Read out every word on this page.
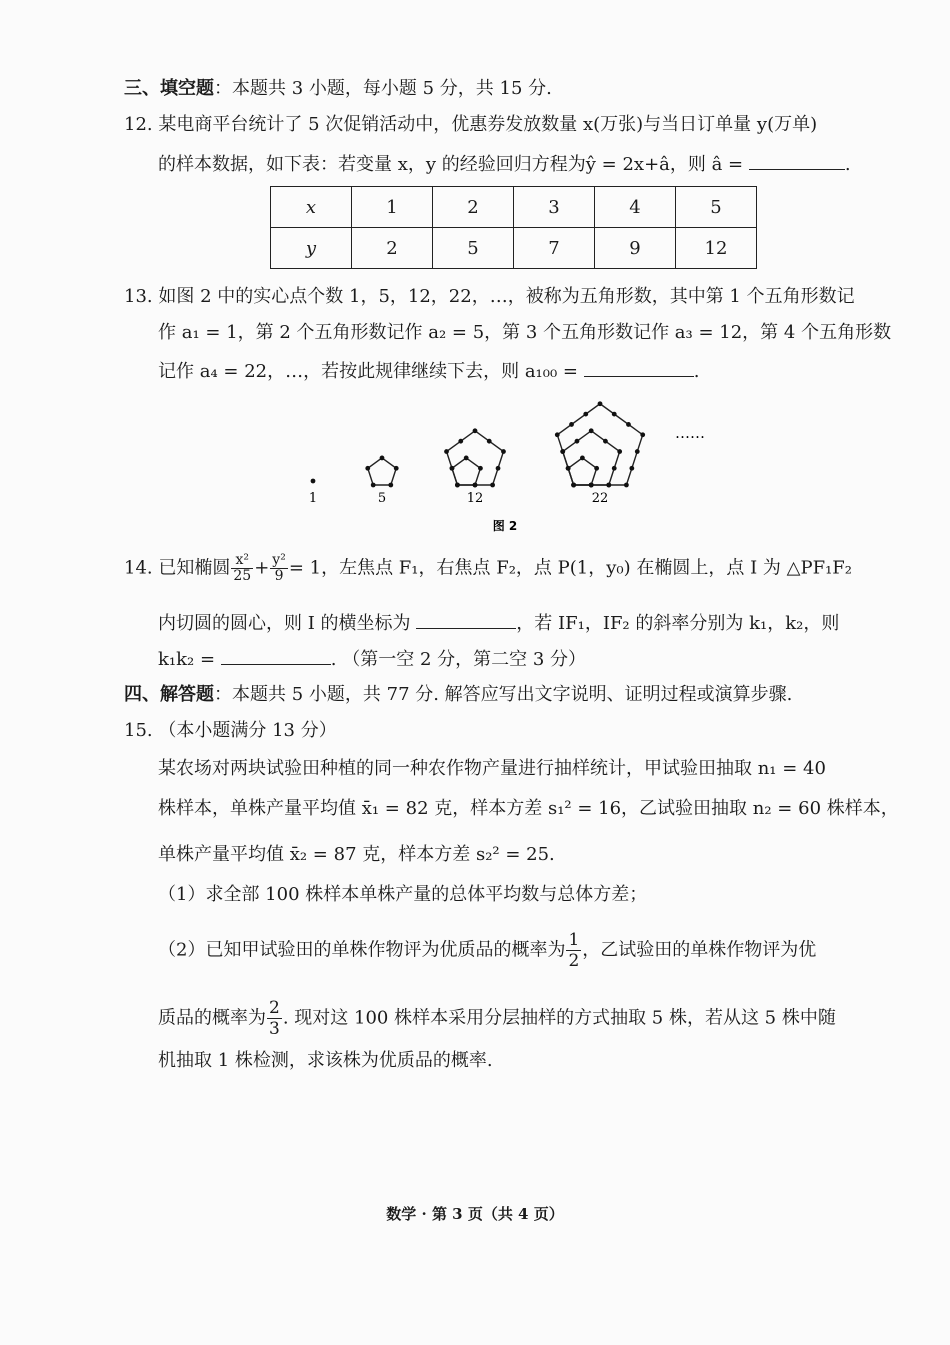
三、填空题：本题共 3 小题，每小题 5 分，共 15 分.
12. 某电商平台统计了 5 次促销活动中，优惠券发放数量 x(万张)与当日订单量 y(万单)
的样本数据，如下表：若变量 x，y 的经验回归方程为ŷ = 2x+â，则 â =	.
x	1	2	3	4	5
y	2	5	7	9	12
13. 如图 2 中的实心点个数 1，5，12，22，…，被称为五角形数，其中第 1 个五角形数记
作 a₁ = 1，第 2 个五角形数记作 a₂ = 5，第 3 个五角形数记作 a₃ = 12，第 4 个五角形数
记作 a₄ = 22，…，若按此规律继续下去，则 a₁₀₀ =	.
……
1	5	12	22
图 2
14. 已知椭圆 $\frac{\text{x²}}{25} + \frac{\text{y²}}{9} = 1$，左焦点 F₁，右焦点 F₂，点 P(1，y₀) 在椭圆上，点 I 为 △PF₁F₂
内切圆的圆心，则 I 的横坐标为	，若 IF₁，IF₂ 的斜率分别为 k₁，k₂，则
k₁k₂ =	. （第一空 2 分，第二空 3 分）
四、解答题：本题共 5 小题，共 77 分. 解答应写出文字说明、证明过程或演算步骤.
15. （本小题满分 13 分）
某农场对两块试验田种植的同一种农作物产量进行抽样统计，甲试验田抽取 n₁ = 40
株样本，单株产量平均值 x̄₁ = 82 克，样本方差 s₁² = 16，乙试验田抽取 n₂ = 60 株样本，
单株产量平均值 x̄₂ = 87 克，样本方差 s₂² = 25.
（1）求全部 100 株样本单株产量的总体平均数与总体方差；
（2）已知甲试验田的单株作物评为优质品的概率为 $\frac{1}{2}$ ，乙试验田的单株作物评为优
质品的概率为 $\frac{2}{3}$ . 现对这 100 株样本采用分层抽样的方式抽取 5 株，若从这 5 株中随
机抽取 1 株检测，求该株为优质品的概率.
数学 · 第 3 页（共 4 页）
